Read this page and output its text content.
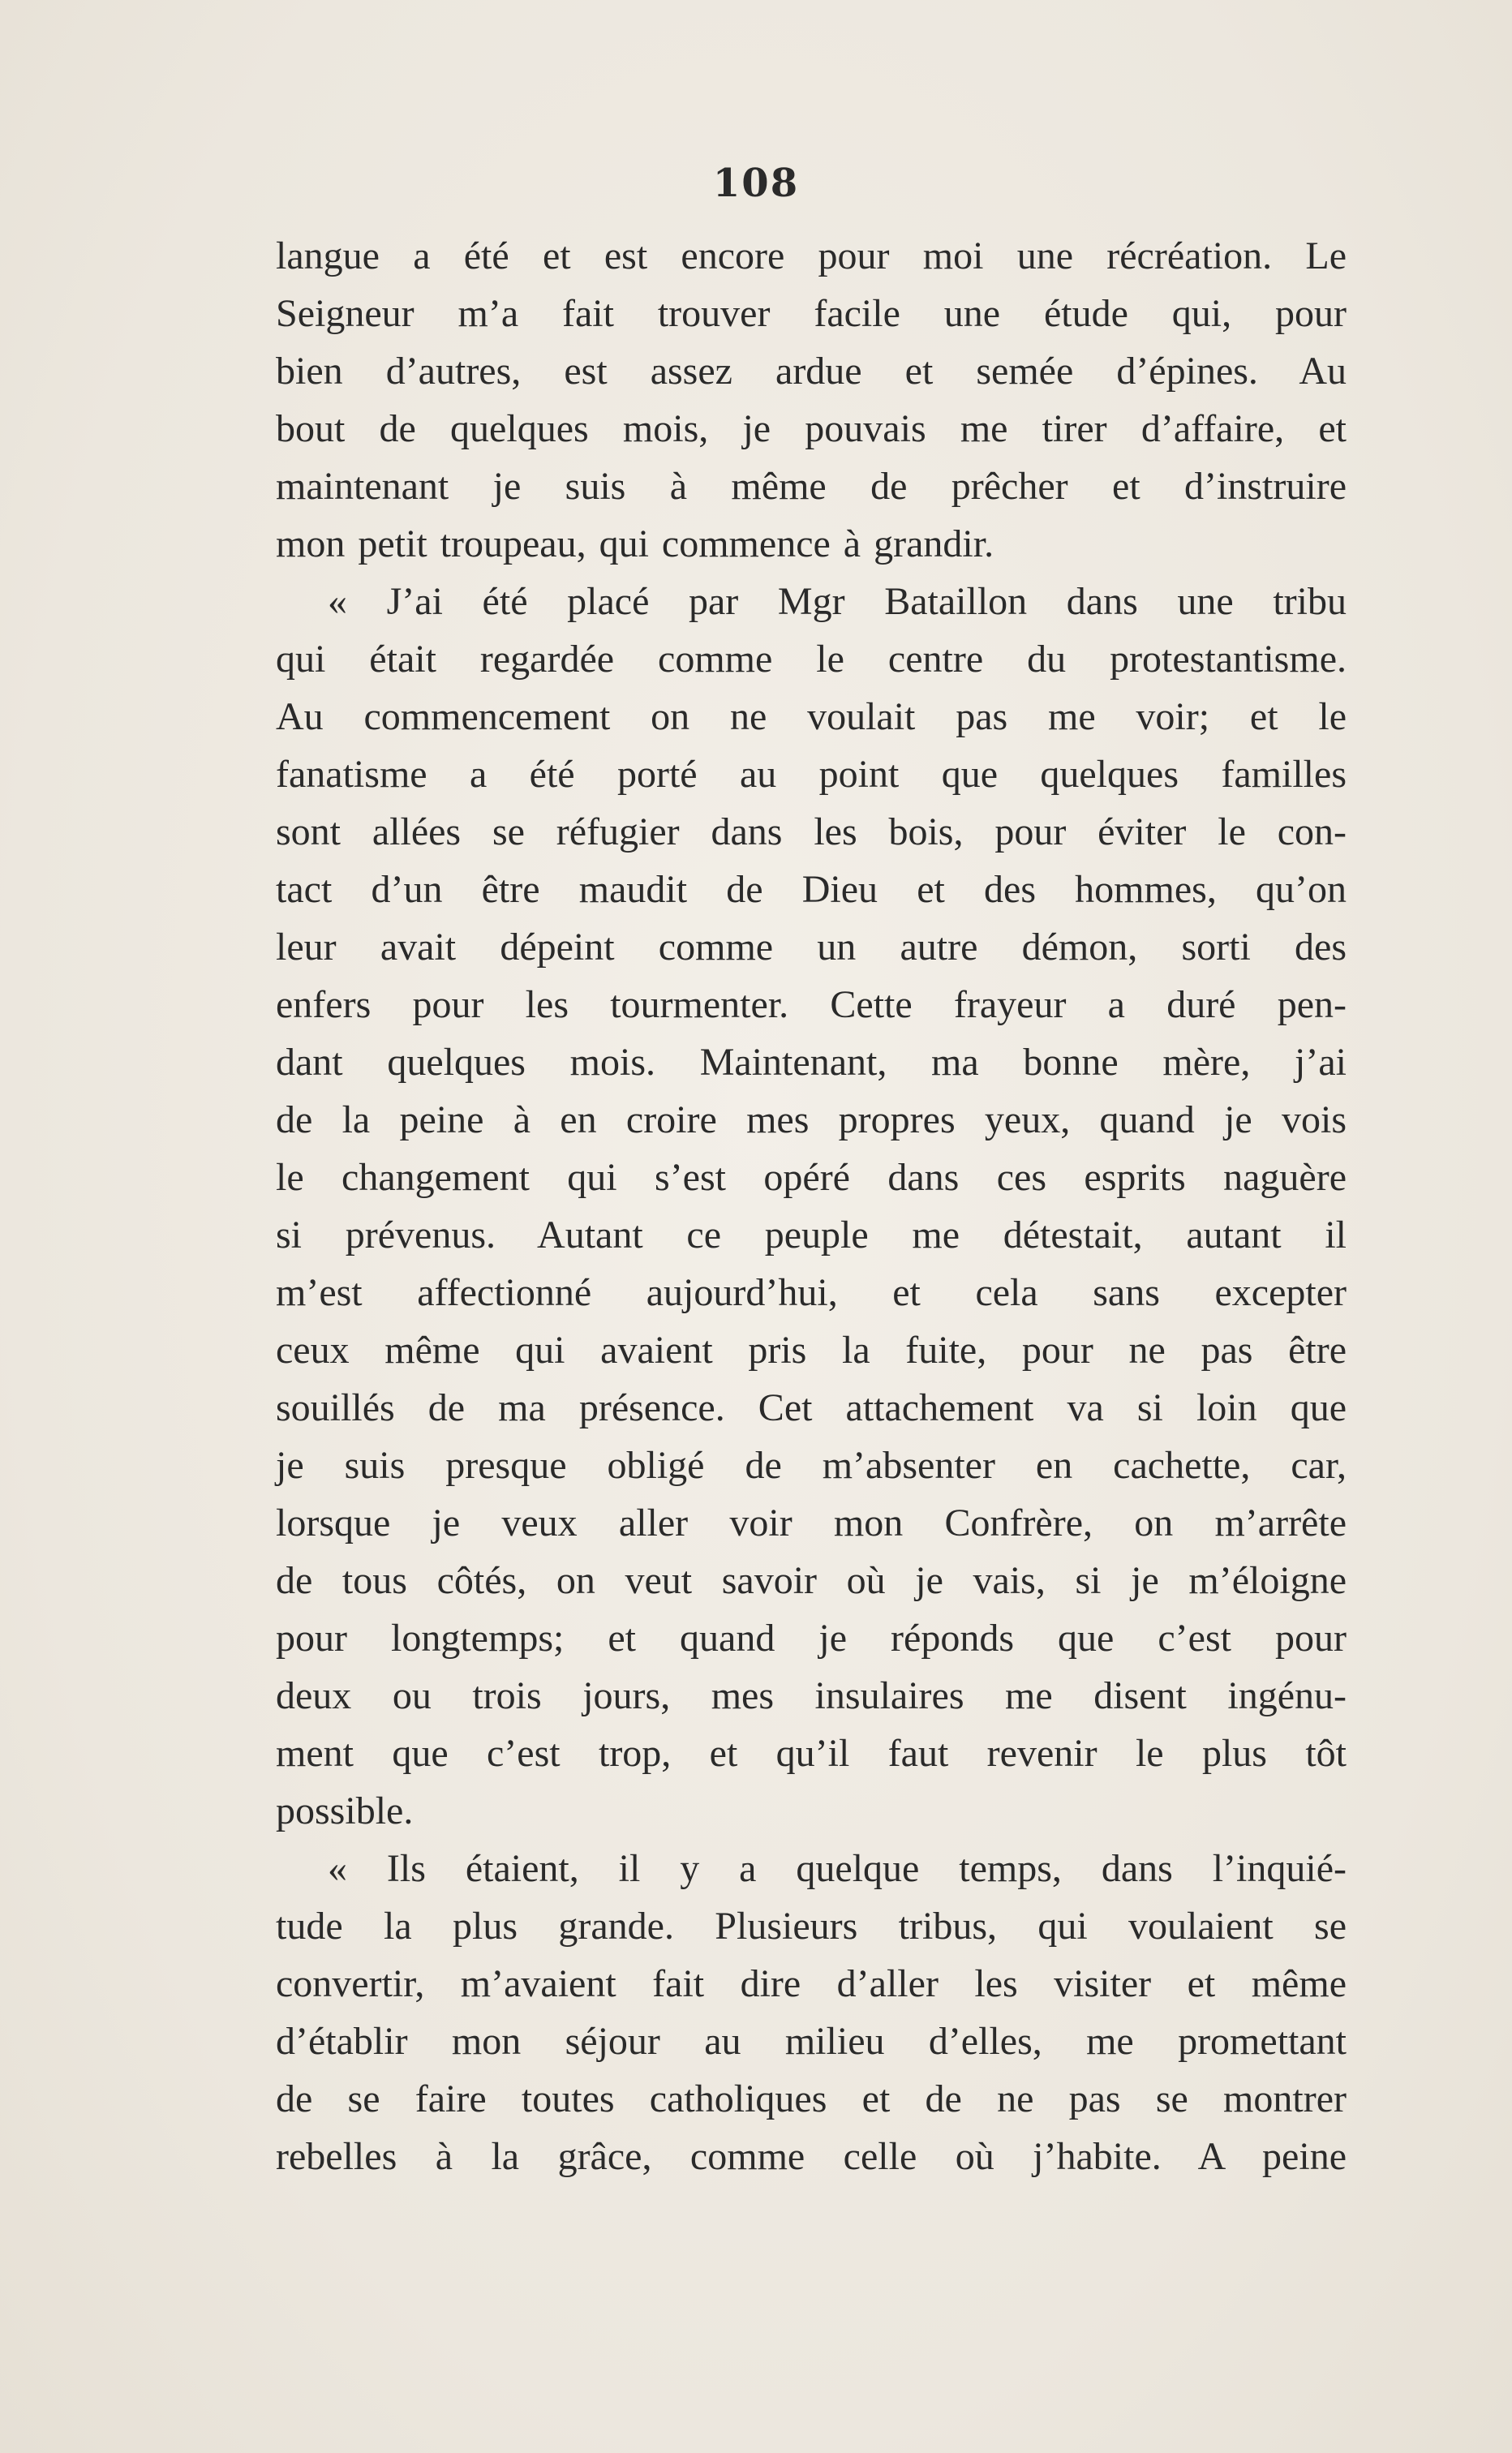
108
langue a été et est encore pour moi une récréation. Le
Seigneur m’a fait trouver facile une étude qui, pour
bien d’autres, est assez ardue et semée d’épines. Au
bout de quelques mois, je pouvais me tirer d’affaire, et
maintenant je suis à même de prêcher et d’instruire
mon petit troupeau, qui commence à grandir.
« J’ai été placé par Mgr Bataillon dans une tribu
qui était regardée comme le centre du protestantisme.
Au commencement on ne voulait pas me voir; et le
fanatisme a été porté au point que quelques familles
sont allées se réfugier dans les bois, pour éviter le con-
tact d’un être maudit de Dieu et des hommes, qu’on
leur avait dépeint comme un autre démon, sorti des
enfers pour les tourmenter. Cette frayeur a duré pen-
dant quelques mois. Maintenant, ma bonne mère, j’ai
de la peine à en croire mes propres yeux, quand je vois
le changement qui s’est opéré dans ces esprits naguère
si prévenus. Autant ce peuple me détestait, autant il
m’est affectionné aujourd’hui, et cela sans excepter
ceux même qui avaient pris la fuite, pour ne pas être
souillés de ma présence. Cet attachement va si loin que
je suis presque obligé de m’absenter en cachette, car,
lorsque je veux aller voir mon Confrère, on m’arrête
de tous côtés, on veut savoir où je vais, si je m’éloigne
pour longtemps; et quand je réponds que c’est pour
deux ou trois jours, mes insulaires me disent ingénu-
ment que c’est trop, et qu’il faut revenir le plus tôt
possible.
« Ils étaient, il y a quelque temps, dans l’inquié-
tude la plus grande. Plusieurs tribus, qui voulaient se
convertir, m’avaient fait dire d’aller les visiter et même
d’établir mon séjour au milieu d’elles, me promettant
de se faire toutes catholiques et de ne pas se montrer
rebelles à la grâce, comme celle où j’habite. A peine
